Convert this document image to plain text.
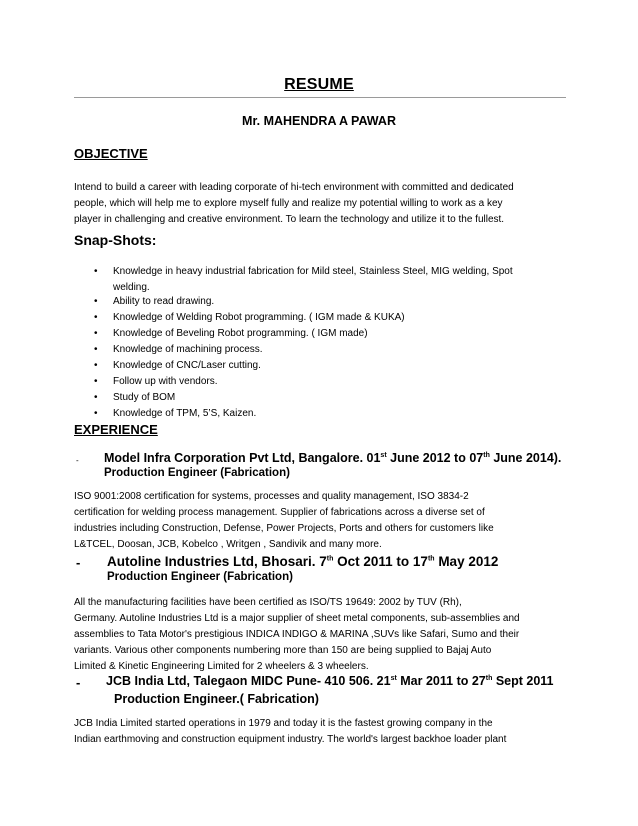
RESUME
Mr. MAHENDRA A PAWAR
OBJECTIVE
Intend to build a career with leading corporate of hi-tech environment with committed and dedicated
people, which will help me to explore myself fully and realize my potential willing to work as a key
player in challenging and creative environment. To learn the technology and utilize it to the fullest.
Snap-Shots:
• Knowledge in heavy industrial fabrication for Mild steel, Stainless Steel, MIG welding, Spot
welding.
• Ability to read drawing.
• Knowledge of Welding Robot programming. ( IGM made & KUKA)
• Knowledge of Beveling Robot programming. ( IGM made)
• Knowledge of machining process.
• Knowledge of CNC/Laser cutting.
• Follow up with vendors.
• Study of BOM
• Knowledge of TPM, 5’S, Kaizen.
EXPERIENCE
- Model Infra Corporation Pvt Ltd, Bangalore. 01st June 2012 to 07th June 2014).
Production Engineer (Fabrication)
ISO 9001:2008 certification for systems, processes and quality management, ISO 3834-2
certification for welding process management. Supplier of fabrications across a diverse set of
industries including Construction, Defense, Power Projects, Ports and others for customers like
L&TCEL, Doosan, JCB, Kobelco , Writgen , Sandivik and many more.
- Autoline Industries Ltd, Bhosari. 7th Oct 2011 to 17th May 2012
Production Engineer (Fabrication)
All the manufacturing facilities have been certified as ISO/TS 19649: 2002 by TUV (Rh),
Germany. Autoline Industries Ltd is a major supplier of sheet metal components, sub-assemblies and
assemblies to Tata Motor's prestigious INDICA INDIGO & MARINA ,SUVs like Safari, Sumo and their
variants. Various other components numbering more than 150 are being supplied to Bajaj Auto
Limited & Kinetic Engineering Limited for 2 wheelers & 3 wheelers.
- JCB India Ltd, Talegaon MIDC Pune- 410 506. 21st Mar 2011 to 27th Sept 2011
Production Engineer.( Fabrication)
JCB India Limited started operations in 1979 and today it is the fastest growing company in the
Indian earthmoving and construction equipment industry. The world's largest backhoe loader plant
